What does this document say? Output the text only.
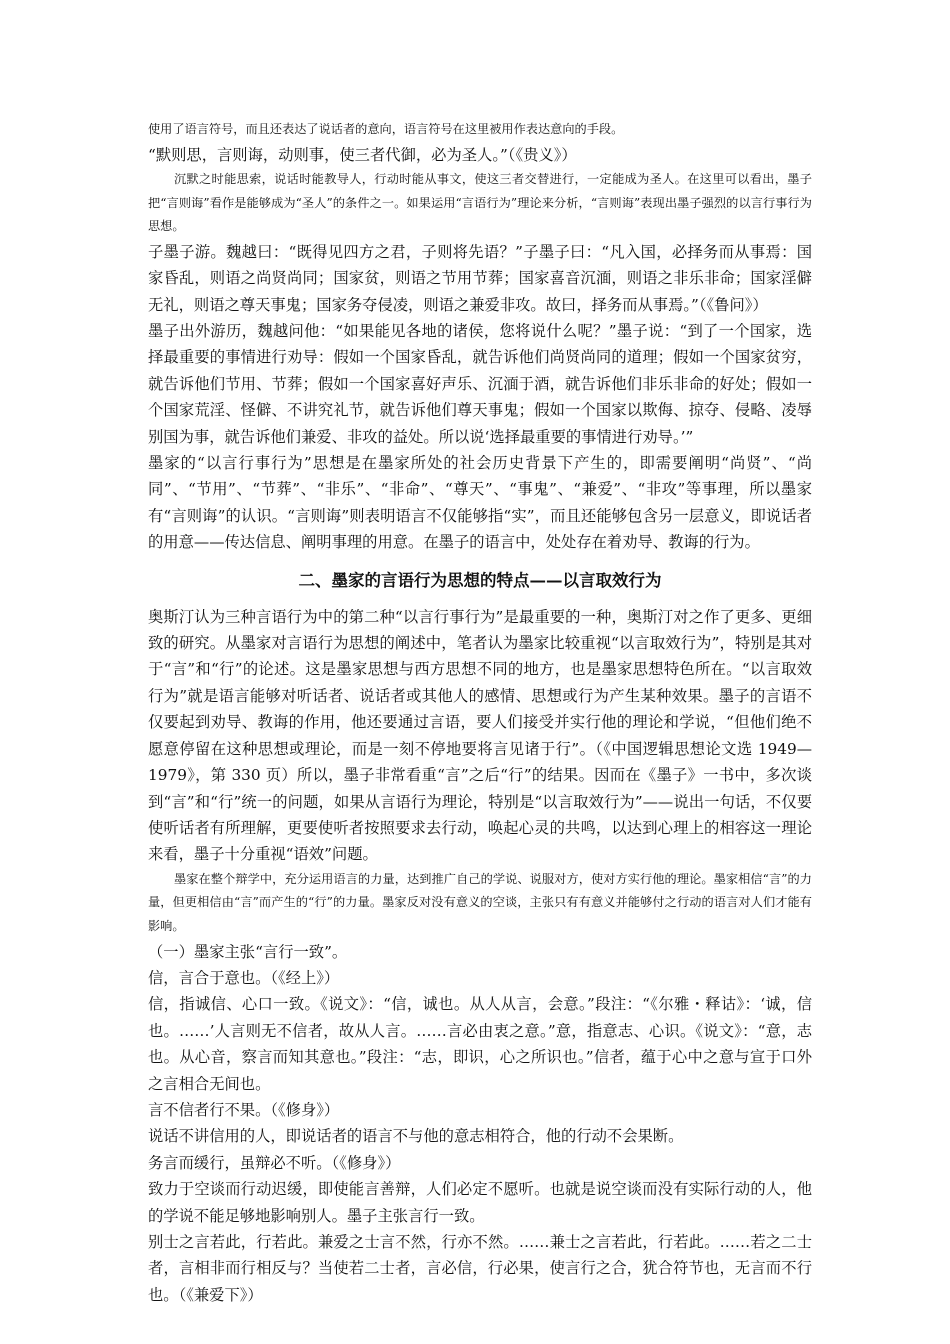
使用了语言符号，而且还表达了说话者的意向，语言符号在这里被用作表达意向的手段。

“默则思，言则诲，动则事，使三者代御，必为圣人。”（《贵义》）

沉默之时能思索，说话时能教导人，行动时能从事文，使这三者交替进行，一定能成为圣人。在这里可以看出，墨子把“言则诲”看作是能够成为“圣人”的条件之一。如果运用“言语行为”理论来分析，“言则诲”表现出墨子强烈的以言行事行为思想。

子墨子游。魏越曰：“既得见四方之君，子则将先语？”子墨子曰：“凡入国，必择务而从事焉：国家昏乱，则语之尚贤尚同；国家贫，则语之节用节葬；国家喜音沉湎，则语之非乐非命；国家淫僻无礼，则语之尊天事鬼；国家务夺侵凌，则语之兼爱非攻。故曰，择务而从事焉。”（《鲁问》）

墨子出外游历，魏越问他：“如果能见各地的诸侯，您将说什么呢？”墨子说：“到了一个国家，选择最重要的事情进行劝导：假如一个国家昏乱，就告诉他们尚贤尚同的道理；假如一个国家贫穷，就告诉他们节用、节葬；假如一个国家喜好声乐、沉湎于酒，就告诉他们非乐非命的好处；假如一个国家荒淫、怪僻、不讲究礼节，就告诉他们尊天事鬼；假如一个国家以欺侮、掠夺、侵略、凌辱别国为事，就告诉他们兼爱、非攻的益处。所以说‘选择最重要的事情进行劝导。’”

墨家的“以言行事行为”思想是在墨家所处的社会历史背景下产生的，即需要阐明“尚贤”、“尚同”、“节用”、“节葬”、“非乐”、“非命”、“尊天”、“事鬼”、“兼爱”、“非攻”等事理，所以墨家有“言则诲”的认识。“言则诲”则表明语言不仅能够指“实”，而且还能够包含另一层意义，即说话者的用意——传达信息、阐明事理的用意。在墨子的语言中，处处存在着劝导、教诲的行为。

二、墨家的言语行为思想的特点——以言取效行为

奥斯汀认为三种言语行为中的第二种“以言行事行为”是最重要的一种，奥斯汀对之作了更多、更细致的研究。从墨家对言语行为思想的阐述中，笔者认为墨家比较重视“以言取效行为”，特别是其对于“言”和“行”的论述。这是墨家思想与西方思想不同的地方，也是墨家思想特色所在。“以言取效行为”就是语言能够对听话者、说话者或其他人的感情、思想或行为产生某种效果。墨子的言语不仅要起到劝导、教诲的作用，他还要通过言语，要人们接受并实行他的理论和学说，“但他们绝不愿意停留在这种思想或理论，而是一刻不停地要将言见诸于行”。（《中国逻辑思想论文选 1949—1979》，第 330 页）所以，墨子非常看重“言”之后“行”的结果。因而在《墨子》一书中，多次谈到“言”和“行”统一的问题，如果从言语行为理论，特别是“以言取效行为”——说出一句话，不仅要使听话者有所理解，更要使听者按照要求去行动，唤起心灵的共鸣，以达到心理上的相容这一理论来看，墨子十分重视“语效”问题。

墨家在整个辩学中，充分运用语言的力量，达到推广自己的学说、说服对方，使对方实行他的理论。墨家相信“言”的力量，但更相信由“言”而产生的“行”的力量。墨家反对没有意义的空谈，主张只有有意义并能够付之行动的语言对人们才能有影响。

（一）墨家主张“言行一致”。

信，言合于意也。（《经上》）

信，指诚信、心口一致。《说文》：“信，诚也。从人从言，会意。”段注：“《尔雅・释诂》：‘诚，信也。……’人言则无不信者，故从人言。……言必由衷之意。”意，指意志、心识。《说文》：“意，志也。从心音，察言而知其意也。”段注：“志，即识，心之所识也。”信者，蕴于心中之意与宣于口外之言相合无间也。

言不信者行不果。（《修身》）

说话不讲信用的人，即说话者的语言不与他的意志相符合，他的行动不会果断。

务言而缓行，虽辩必不听。（《修身》）

致力于空谈而行动迟缓，即使能言善辩，人们必定不愿听。也就是说空谈而没有实际行动的人，他的学说不能足够地影响别人。墨子主张言行一致。

别士之言若此，行若此。兼爱之士言不然，行亦不然。……兼士之言若此，行若此。……若之二士者，言相非而行相反与？当使若二士者，言必信，行必果，使言行之合，犹合符节也，无言而不行也。（《兼爱下》）
